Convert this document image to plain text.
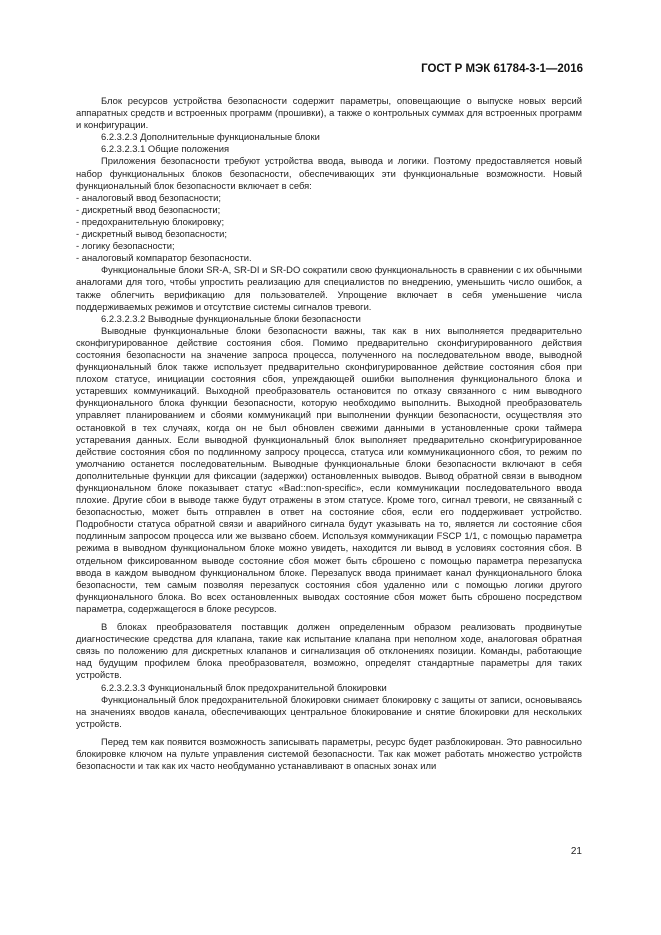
ГОСТ Р МЭК 61784-3-1—2016

Блок ресурсов устройства безопасности содержит параметры, оповещающие о выпуске новых версий аппаратных средств и встроенных программ (прошивки), а также о контрольных суммах для встроенных программ и конфигурации.

6.2.3.2.3 Дополнительные функциональные блоки

6.2.3.2.3.1 Общие положения

Приложения безопасности требуют устройства ввода, вывода и логики. Поэтому предоставляется новый набор функциональных блоков безопасности, обеспечивающих эти функциональные возможности. Новый функциональный блок безопасности включает в себя:

- аналоговый ввод безопасности;

- дискретный ввод безопасности;

- предохранительную блокировку;

- дискретный вывод безопасности;

- логику безопасности;

- аналоговый компаратор безопасности.

Функциональные блоки SR-A, SR-DI и SR-DO сократили свою функциональность в сравнении с их обычными аналогами для того, чтобы упростить реализацию для специалистов по внедрению, уменьшить число ошибок, а также облегчить верификацию для пользователей. Упрощение включает в себя уменьшение числа поддерживаемых режимов и отсутствие системы сигналов тревоги.

6.2.3.2.3.2 Выводные функциональные блоки безопасности

Выводные функциональные блоки безопасности важны, так как в них выполняется предварительно сконфигурированное действие состояния сбоя. Помимо предварительно сконфигурированного действия состояния безопасности на значение запроса процесса, полученного на последовательном вводе, выводной функциональный блок также использует предварительно сконфигурированное действие состояния сбоя при плохом статусе, инициации состояния сбоя, упреждающей ошибки выполнения функционального блока и устаревших коммуникаций. Выходной преобразователь остановится по отказу связанного с ним выводного функционального блока функции безопасности, которую необходимо выполнить. Выходной преобразователь управляет планированием и сбоями коммуникаций при выполнении функции безопасности, осуществляя это остановкой в тех случаях, когда он не был обновлен свежими данными в установленные сроки таймера устаревания данных. Если выводной функциональный блок выполняет предварительно сконфигурированное действие состояния сбоя по подлинному запросу процесса, статуса или коммуникационного сбоя, то режим по умолчанию останется последовательным. Выводные функциональные блоки безопасности включают в себя дополнительные функции для фиксации (задержки) остановленных выводов. Вывод обратной связи в выводном функциональном блоке показывает статус «Bad::non-specific», если коммуникации последовательного ввода плохие. Другие сбои в выводе также будут отражены в этом статусе. Кроме того, сигнал тревоги, не связанный с безопасностью, может быть отправлен в ответ на состояние сбоя, если его поддерживает устройство. Подробности статуса обратной связи и аварийного сигнала будут указывать на то, является ли состояние сбоя подлинным запросом процесса или же вызвано сбоем. Используя коммуникации FSCP 1/1, с помощью параметра режима в выводном функциональном блоке можно увидеть, находится ли вывод в условиях состояния сбоя. В отдельном фиксированном выводе состояние сбоя может быть сброшено с помощью параметра перезапуска ввода в каждом выводном функциональном блоке. Перезапуск ввода принимает канал функционального блока безопасности, тем самым позволяя перезапуск состояния сбоя удаленно или с помощью логики другого функционального блока. Во всех остановленных выводах состояние сбоя может быть сброшено посредством параметра, содержащегося в блоке ресурсов.

В блоках преобразователя поставщик должен определенным образом реализовать продвинутые диагностические средства для клапана, такие как испытание клапана при неполном ходе, аналоговая обратная связь по положению для дискретных клапанов и сигнализация об отклонениях позиции. Команды, работающие над будущим профилем блока преобразователя, возможно, определят стандартные параметры для таких устройств.

6.2.3.2.3.3 Функциональный блок предохранительной блокировки

Функциональный блок предохранительной блокировки снимает блокировку с защиты от записи, основываясь на значениях вводов канала, обеспечивающих центральное блокирование и снятие блокировки для нескольких устройств.

Перед тем как появится возможность записывать параметры, ресурс будет разблокирован. Это равносильно блокировке ключом на пульте управления системой безопасности. Так как может работать множество устройств безопасности и так как их часто необдуманно устанавливают в опасных зонах или

21
